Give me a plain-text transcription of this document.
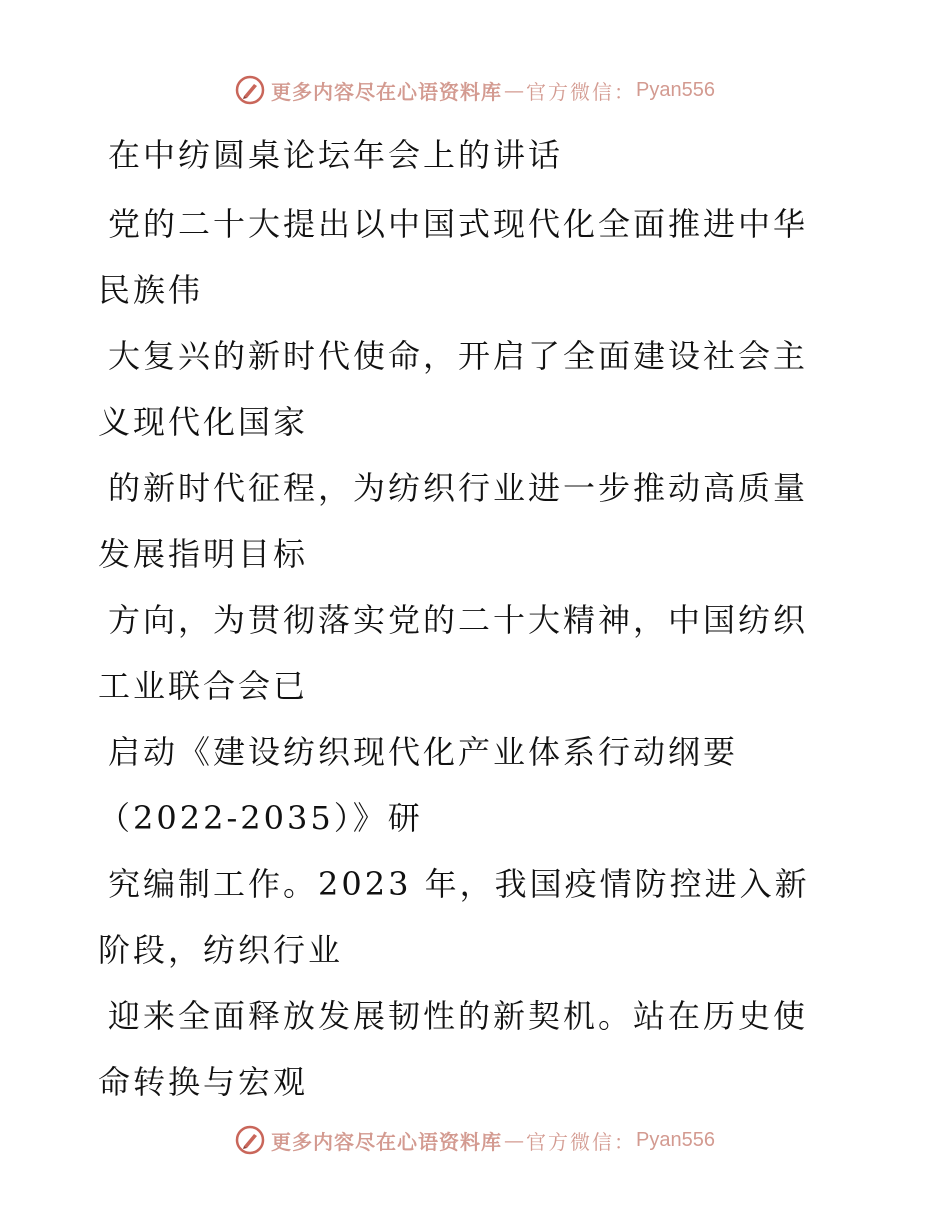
更多内容尽在心语资料库 — 官方微信： Pyan556

在中纺圆桌论坛年会上的讲话

党的二十大提出以中国式现代化全面推进中华民族伟

大复兴的新时代使命，开启了全面建设社会主义现代化国家

的新时代征程，为纺织行业进一步推动高质量发展指明目标

方向，为贯彻落实党的二十大精神，中国纺织工业联合会已

启动《建设纺织现代化产业体系行动纲要（2022-2035）》研

究编制工作。2023 年，我国疫情防控进入新阶段，纺织行业

迎来全面释放发展韧性的新契机。站在历史使命转换与宏观

更多内容尽在心语资料库 — 官方微信： Pyan556
